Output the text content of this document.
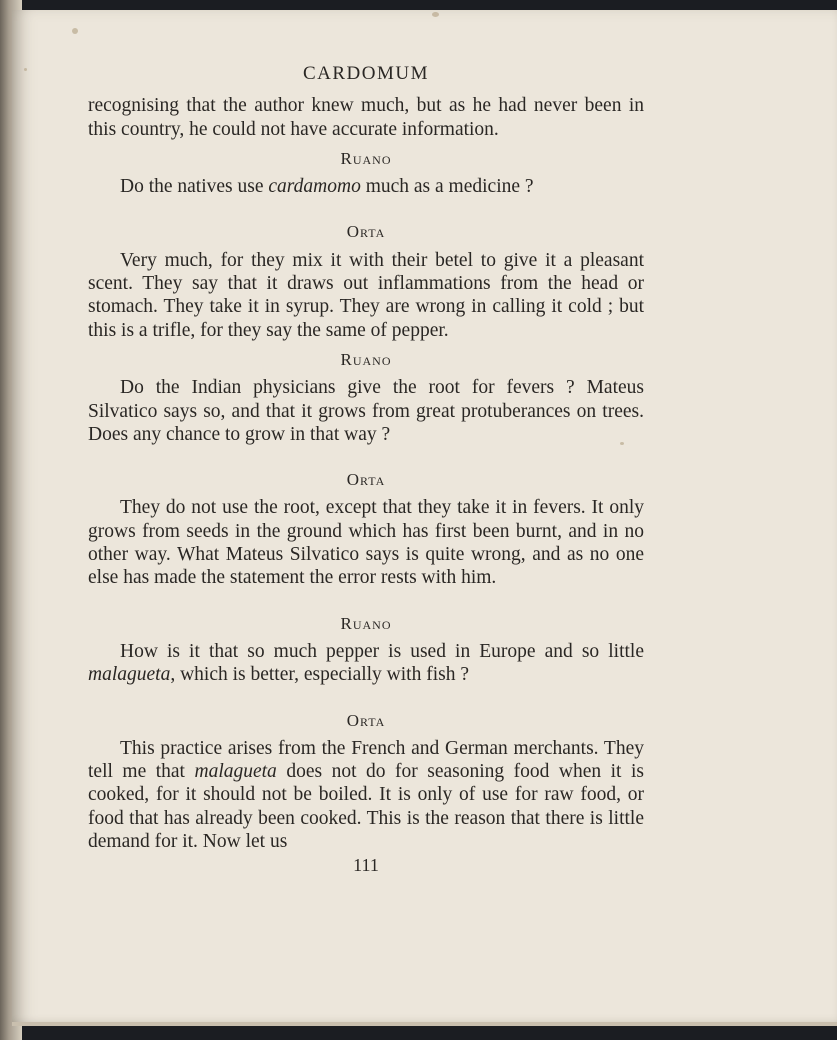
CARDOMUM

recognising that the author knew much, but as he had never been in this country, he could not have accurate information.

Ruano

Do the natives use cardamomo much as a medicine ?

Orta

Very much, for they mix it with their betel to give it a pleasant scent. They say that it draws out inflammations from the head or stomach. They take it in syrup. They are wrong in calling it cold ; but this is a trifle, for they say the same of pepper.

Ruano

Do the Indian physicians give the root for fevers ? Mateus Silvatico says so, and that it grows from great protuberances on trees. Does any chance to grow in that way ?

Orta

They do not use the root, except that they take it in fevers. It only grows from seeds in the ground which has first been burnt, and in no other way. What Mateus Silvatico says is quite wrong, and as no one else has made the statement the error rests with him.

Ruano

How is it that so much pepper is used in Europe and so little malagueta, which is better, especially with fish ?

Orta

This practice arises from the French and German merchants. They tell me that malagueta does not do for seasoning food when it is cooked, for it should not be boiled. It is only of use for raw food, or food that has already been cooked. This is the reason that there is little demand for it. Now let us

111
